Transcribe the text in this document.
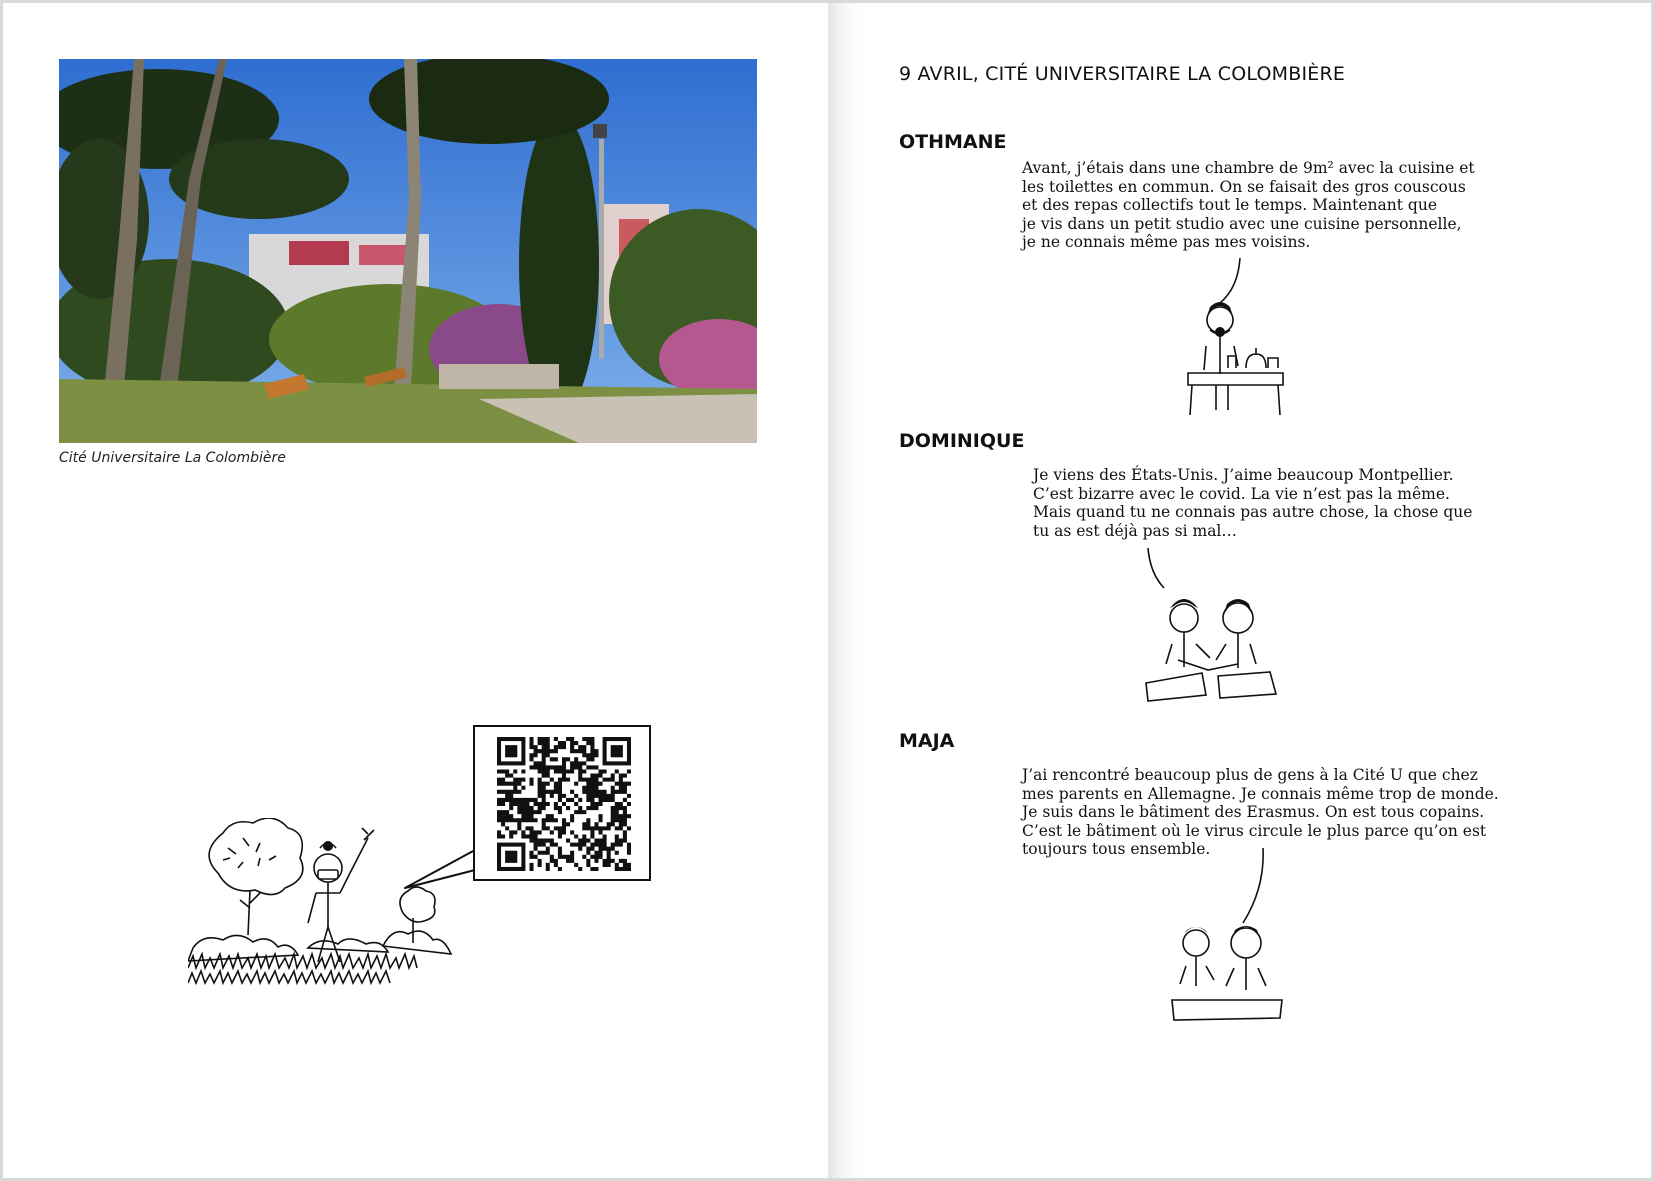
Cité Universitaire La Colombière
9 AVRIL, CITÉ UNIVERSITAIRE LA COLOMBIÈRE
OTHMANE
Avant, j’étais dans une chambre de 9m² avec la cuisine et
les toilettes en commun. On se faisait des gros couscous
et des repas collectifs tout le temps. Maintenant que
je vis dans un petit studio avec une cuisine personnelle,
je ne connais même pas mes voisins.
DOMINIQUE
Je viens des États-Unis. J’aime beaucoup Montpellier.
C’est bizarre avec le covid. La vie n’est pas la même.
Mais quand tu ne connais pas autre chose, la chose que
tu as est déjà pas si mal…
MAJA
J’ai rencontré beaucoup plus de gens à la Cité U que chez
mes parents en Allemagne. Je connais même trop de monde.
Je suis dans le bâtiment des Erasmus. On est tous copains.
C’est le bâtiment où le virus circule le plus parce qu’on est
toujours tous ensemble.
